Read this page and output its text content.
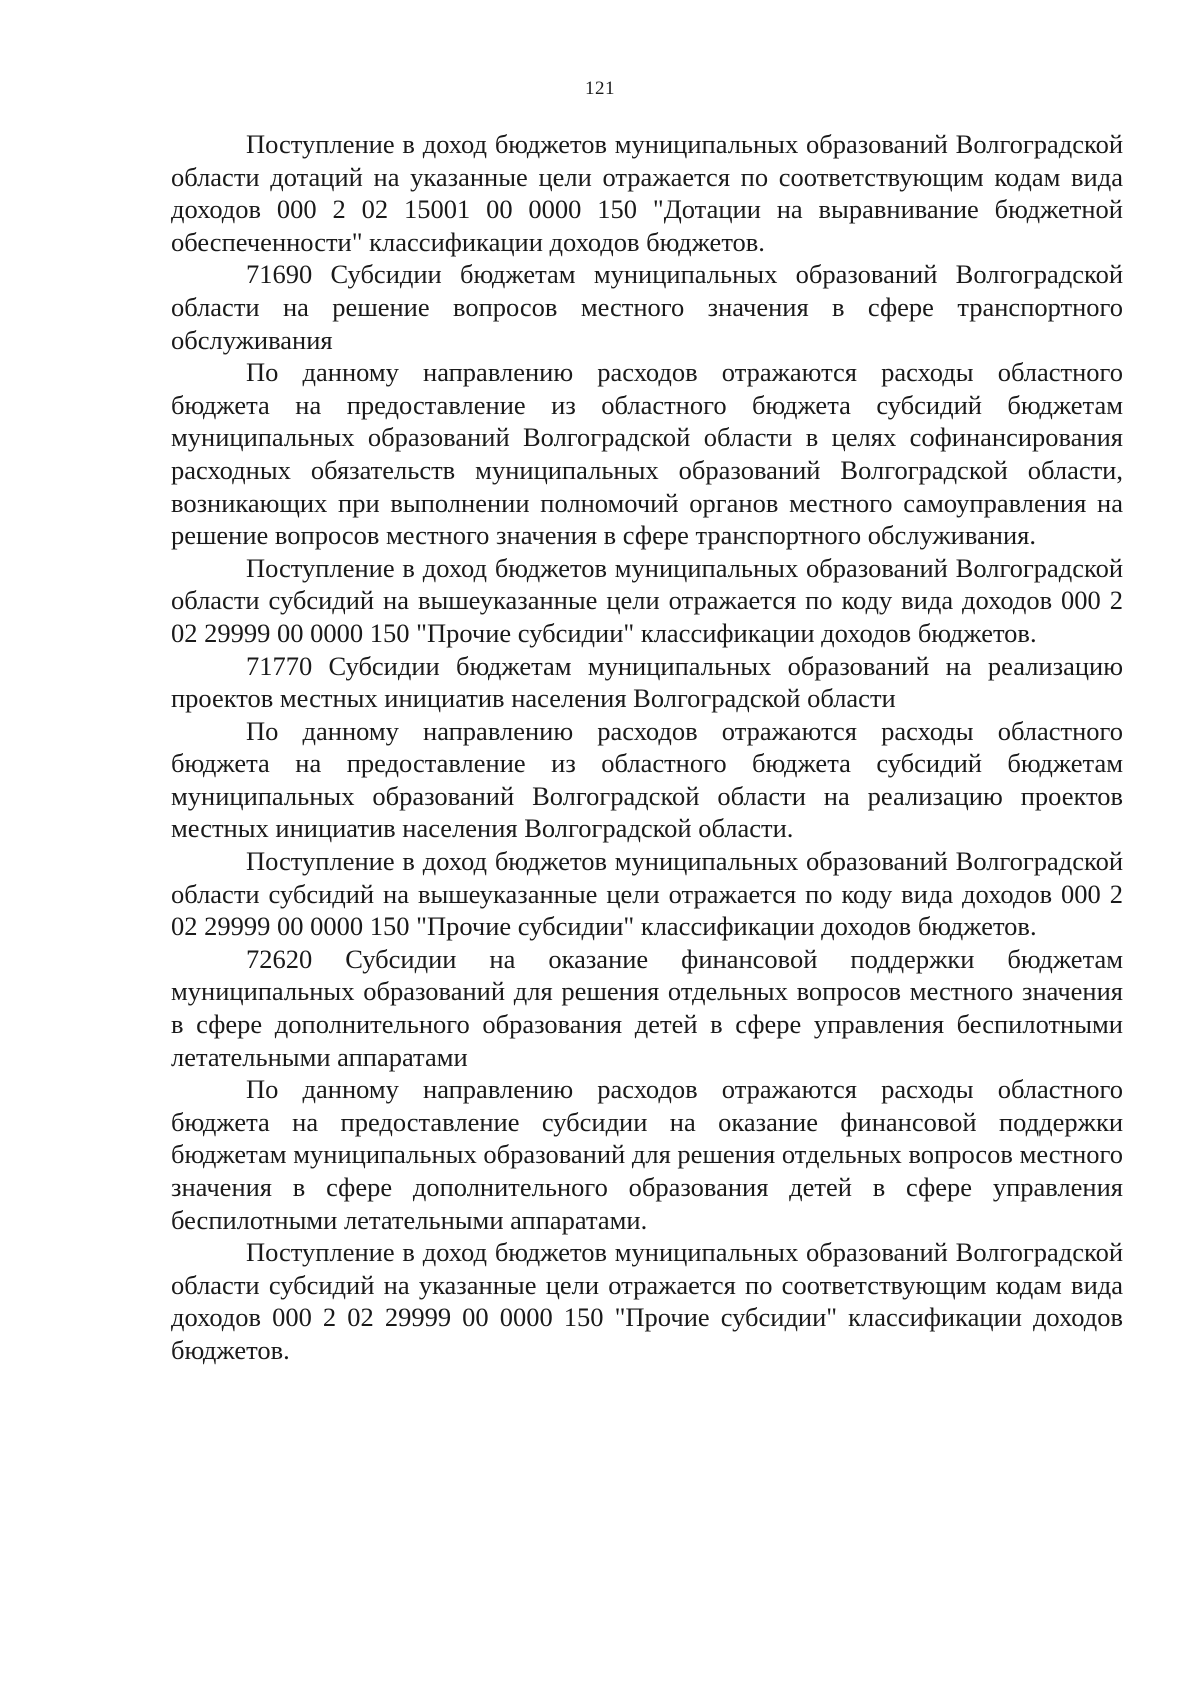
121

Поступление в доход бюджетов муниципальных образований Волгоградской области дотаций на указанные цели отражается по соответствующим кодам вида доходов 000 2 02 15001 00 0000 150 "Дотации на выравнивание бюджетной обеспеченности" классификации доходов бюджетов.

71690 Субсидии бюджетам муниципальных образований Волгоградской области на решение вопросов местного значения в сфере транспортного обслуживания

По данному направлению расходов отражаются расходы областного бюджета на предоставление из областного бюджета субсидий бюджетам муниципальных образований Волгоградской области в целях софинансирования расходных обязательств муниципальных образований Волгоградской области, возникающих при выполнении полномочий органов местного самоуправления на решение вопросов местного значения в сфере транспортного обслуживания.

Поступление в доход бюджетов муниципальных образований Волгоградской области субсидий на вышеуказанные цели отражается по коду вида доходов 000 2 02 29999 00 0000 150 "Прочие субсидии" классификации доходов бюджетов.

71770 Субсидии бюджетам муниципальных образований на реализацию проектов местных инициатив населения Волгоградской области

По данному направлению расходов отражаются расходы областного бюджета на предоставление из областного бюджета субсидий бюджетам муниципальных образований Волгоградской области на реализацию проектов местных инициатив населения Волгоградской области.

Поступление в доход бюджетов муниципальных образований Волгоградской области субсидий на вышеуказанные цели отражается по коду вида доходов 000 2 02 29999 00 0000 150 "Прочие субсидии" классификации доходов бюджетов.

72620 Субсидии на оказание финансовой поддержки бюджетам муниципальных образований для решения отдельных вопросов местного значения в сфере дополнительного образования детей в сфере управления беспилотными летательными аппаратами

По данному направлению расходов отражаются расходы областного бюджета на предоставление субсидии на оказание финансовой поддержки бюджетам муниципальных образований для решения отдельных вопросов местного значения в сфере дополнительного образования детей в сфере управления беспилотными летательными аппаратами.

Поступление в доход бюджетов муниципальных образований Волгоградской области субсидий на указанные цели отражается по соответствующим кодам вида доходов 000 2 02 29999 00 0000 150 "Прочие субсидии" классификации доходов бюджетов.
